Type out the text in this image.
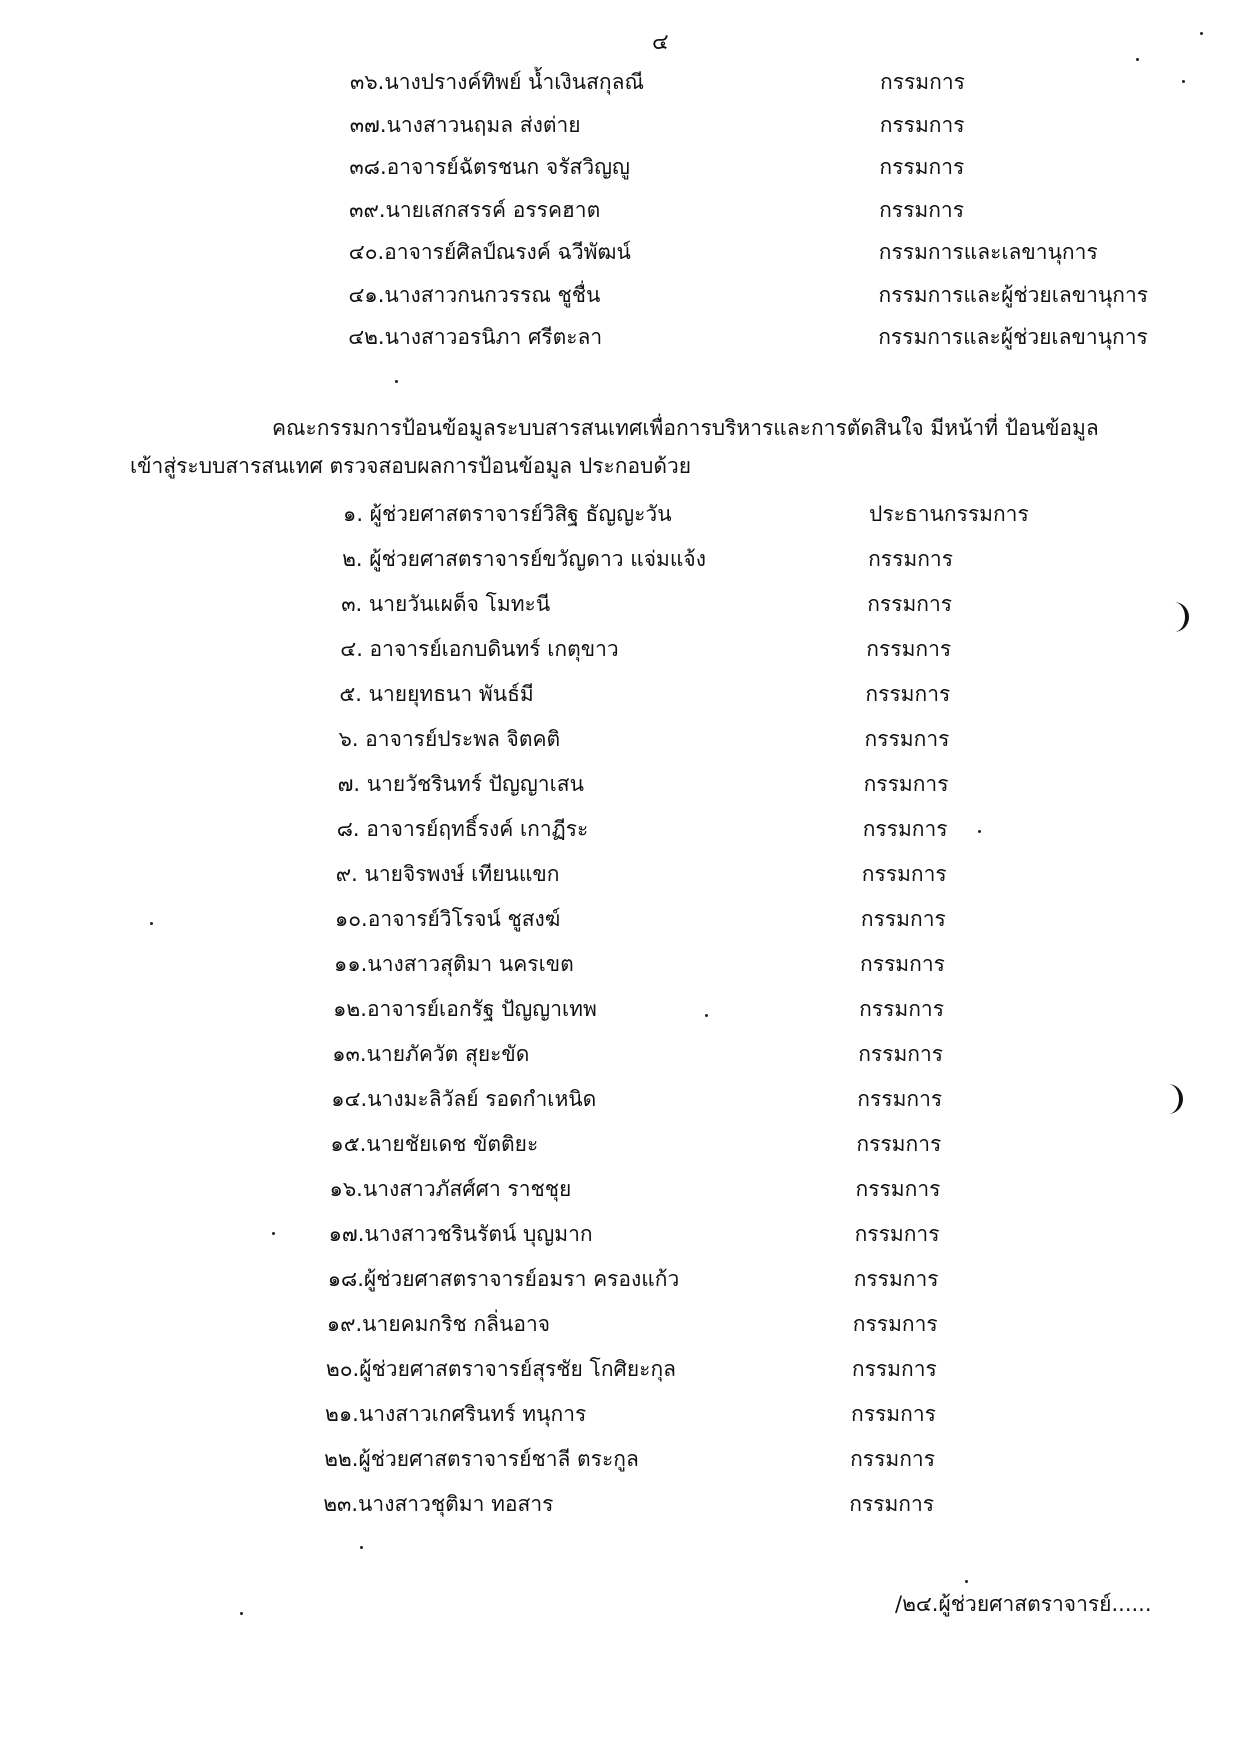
๔
๓๖.นางปรางค์ทิพย์ น้ำเงินสกุลณี	กรรมการ
๓๗.นางสาวนฤมล ส่งต่าย	กรรมการ
๓๘.อาจารย์ฉัตรชนก จรัสวิญญู	กรรมการ
๓๙.นายเสกสรรค์ อรรคฮาต	กรรมการ
๔๐.อาจารย์ศิลป์ณรงค์ ฉวีพัฒน์	กรรมการและเลขานุการ
๔๑.นางสาวกนกวรรณ ชูชื่น	กรรมการและผู้ช่วยเลขานุการ
๔๒.นางสาวอรนิภา ศรีตะลา	กรรมการและผู้ช่วยเลขานุการ
คณะกรรมการป้อนข้อมูลระบบสารสนเทศเพื่อการบริหารและการตัดสินใจ มีหน้าที่ ป้อนข้อมูล
เข้าสู่ระบบสารสนเทศ ตรวจสอบผลการป้อนข้อมูล ประกอบด้วย
๑. ผู้ช่วยศาสตราจารย์วิสิฐ ธัญญะวัน	ประธานกรรมการ
๒. ผู้ช่วยศาสตราจารย์ขวัญดาว แจ่มแจ้ง	กรรมการ
๓. นายวันเผด็จ โมทะนี	กรรมการ
๔. อาจารย์เอกบดินทร์ เกตุขาว	กรรมการ
๕. นายยุทธนา พันธ์มี	กรรมการ
๖. อาจารย์ประพล จิตคติ	กรรมการ
๗. นายวัชรินทร์ ปัญญาเสน	กรรมการ
๘. อาจารย์ฤทธิ์รงค์ เกาฏีระ	กรรมการ
๙. นายจิรพงษ์ เทียนแขก	กรรมการ
๑๐.อาจารย์วิโรจน์ ชูสงฆ์	กรรมการ
๑๑.นางสาวสุติมา นครเขต	กรรมการ
๑๒.อาจารย์เอกรัฐ ปัญญาเทพ	กรรมการ
๑๓.นายภัควัต สุยะขัด	กรรมการ
๑๔.นางมะลิวัลย์ รอดกำเหนิด	กรรมการ
๑๕.นายชัยเดช ขัตติยะ	กรรมการ
๑๖.นางสาวภัสศ์ศา ราชชุย	กรรมการ
๑๗.นางสาวชรินรัตน์ บุญมาก	กรรมการ
๑๘.ผู้ช่วยศาสตราจารย์อมรา ครองแก้ว	กรรมการ
๑๙.นายคมกริช กลิ่นอาจ	กรรมการ
๒๐.ผู้ช่วยศาสตราจารย์สุรชัย โกศิยะกุล	กรรมการ
๒๑.นางสาวเกศรินทร์ ทนุการ	กรรมการ
๒๒.ผู้ช่วยศาสตราจารย์ชาลี ตระกูล	กรรมการ
๒๓.นางสาวชุติมา ทอสาร	กรรมการ
/๒๔.ผู้ช่วยศาสตราจารย์......
